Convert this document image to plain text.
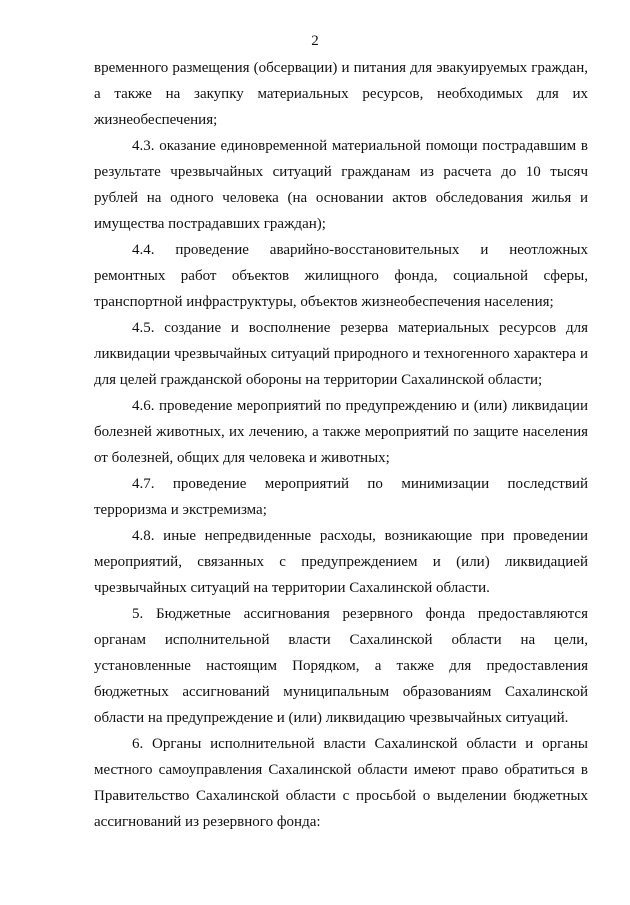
2

временного размещения (обсервации) и питания для эвакуируемых граждан, а также на закупку материальных ресурсов, необходимых для их жизнеобеспечения;

4.3. оказание единовременной материальной помощи пострадавшим в результате чрезвычайных ситуаций гражданам из расчета до 10 тысяч рублей на одного человека (на основании актов обследования жилья и имущества пострадавших граждан);

4.4. проведение аварийно-восстановительных и неотложных ремонтных работ объектов жилищного фонда, социальной сферы, транспортной инфраструктуры, объектов жизнеобеспечения населения;

4.5. создание и восполнение резерва материальных ресурсов для ликвидации чрезвычайных ситуаций природного и техногенного характера и для целей гражданской обороны на территории Сахалинской области;

4.6. проведение мероприятий по предупреждению и (или) ликвидации болезней животных, их лечению, а также мероприятий по защите населения от болезней, общих для человека и животных;

4.7. проведение мероприятий по минимизации последствий терроризма и экстремизма;

4.8. иные непредвиденные расходы, возникающие при проведении мероприятий, связанных с предупреждением и (или) ликвидацией чрезвычайных ситуаций на территории Сахалинской области.

5. Бюджетные ассигнования резервного фонда предоставляются органам исполнительной власти Сахалинской области на цели, установленные настоящим Порядком, а также для предоставления бюджетных ассигнований муниципальным образованиям Сахалинской области на предупреждение и (или) ликвидацию чрезвычайных ситуаций.

6. Органы исполнительной власти Сахалинской области и органы местного самоуправления Сахалинской области имеют право обратиться в Правительство Сахалинской области с просьбой о выделении бюджетных ассигнований из резервного фонда:
